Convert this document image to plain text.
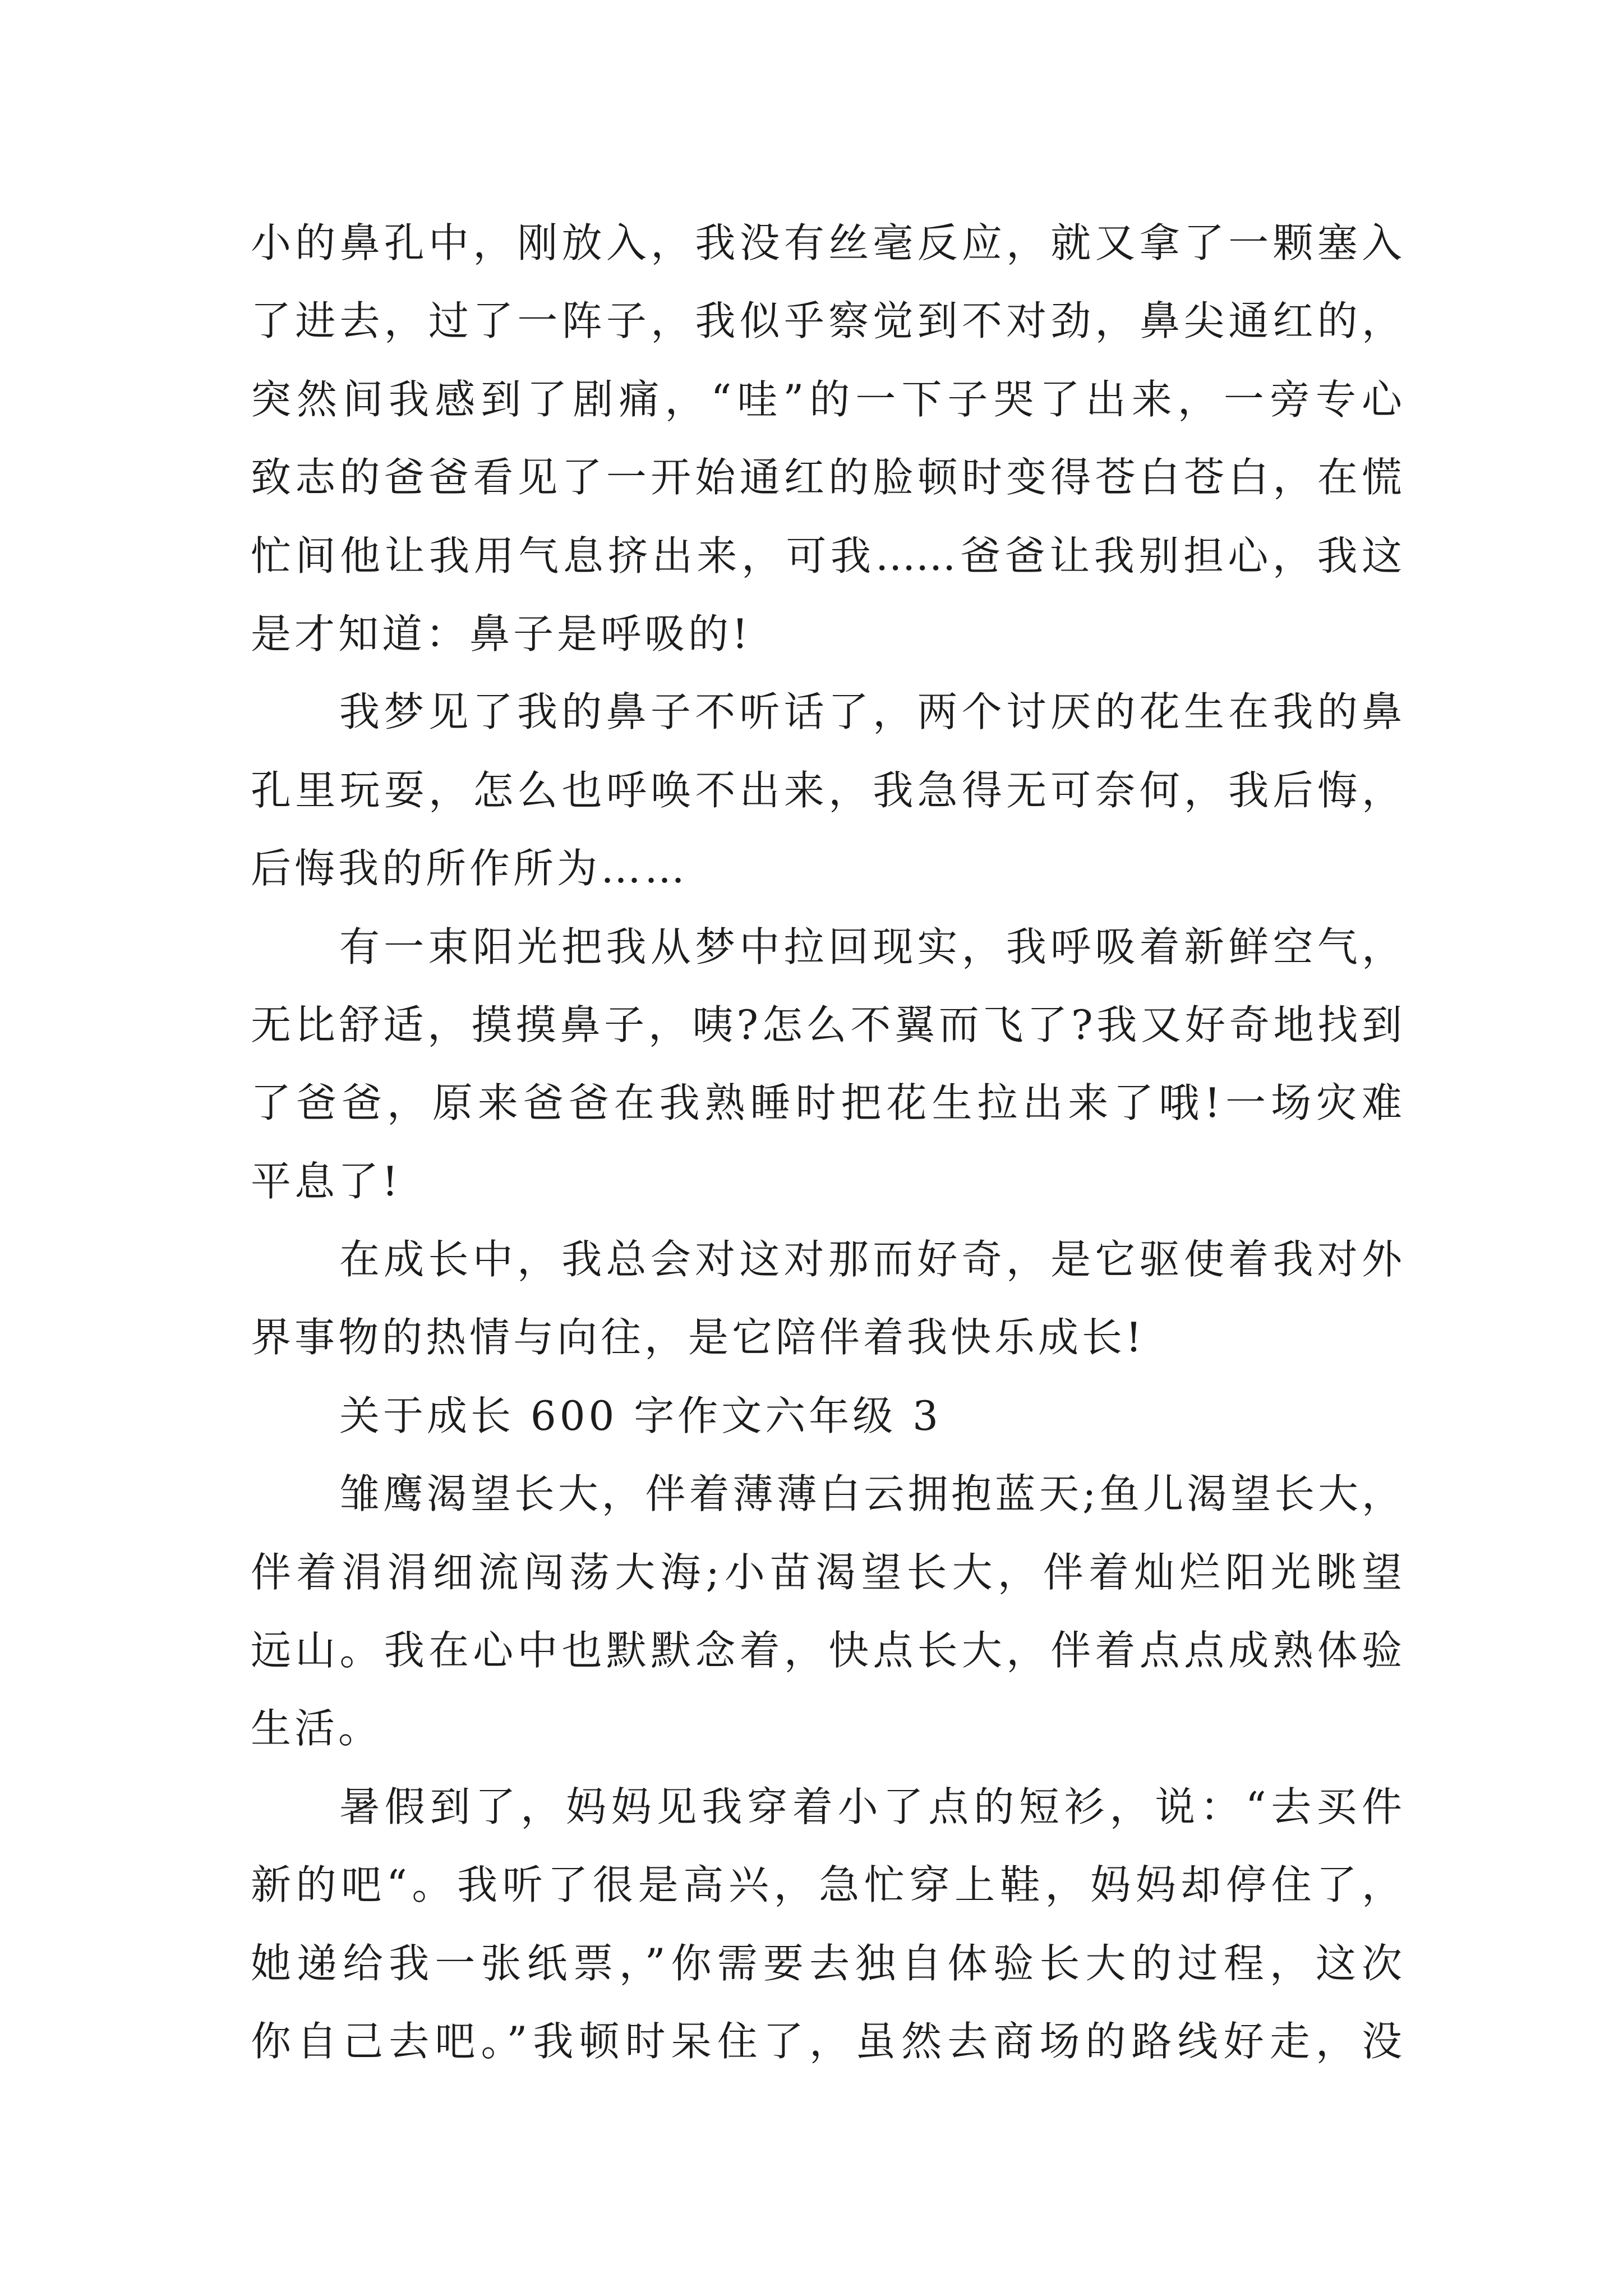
小的鼻孔中，刚放入，我没有丝毫反应，就又拿了一颗塞入
了进去，过了一阵子，我似乎察觉到不对劲，鼻尖通红的，
突然间我感到了剧痛，“哇”的一下子哭了出来，一旁专心
致志的爸爸看见了一开始通红的脸顿时变得苍白苍白，在慌
忙间他让我用气息挤出来，可我……爸爸让我别担心，我这
是才知道：鼻子是呼吸的!
我梦见了我的鼻子不听话了，两个讨厌的花生在我的鼻
孔里玩耍，怎么也呼唤不出来，我急得无可奈何，我后悔，
后悔我的所作所为……
有一束阳光把我从梦中拉回现实，我呼吸着新鲜空气，
无比舒适，摸摸鼻子，咦?怎么不翼而飞了?我又好奇地找到
了爸爸，原来爸爸在我熟睡时把花生拉出来了哦!一场灾难
平息了!
在成长中，我总会对这对那而好奇，是它驱使着我对外
界事物的热情与向往，是它陪伴着我快乐成长!
关于成长 600 字作文六年级 3
雏鹰渴望长大，伴着薄薄白云拥抱蓝天;鱼儿渴望长大，
伴着涓涓细流闯荡大海;小苗渴望长大，伴着灿烂阳光眺望
远山。我在心中也默默念着，快点长大，伴着点点成熟体验
生活。
暑假到了，妈妈见我穿着小了点的短衫，说：“去买件
新的吧“。我听了很是高兴，急忙穿上鞋，妈妈却停住了，
她递给我一张纸票，”你需要去独自体验长大的过程，这次
你自己去吧。”我顿时呆住了，虽然去商场的路线好走，没
